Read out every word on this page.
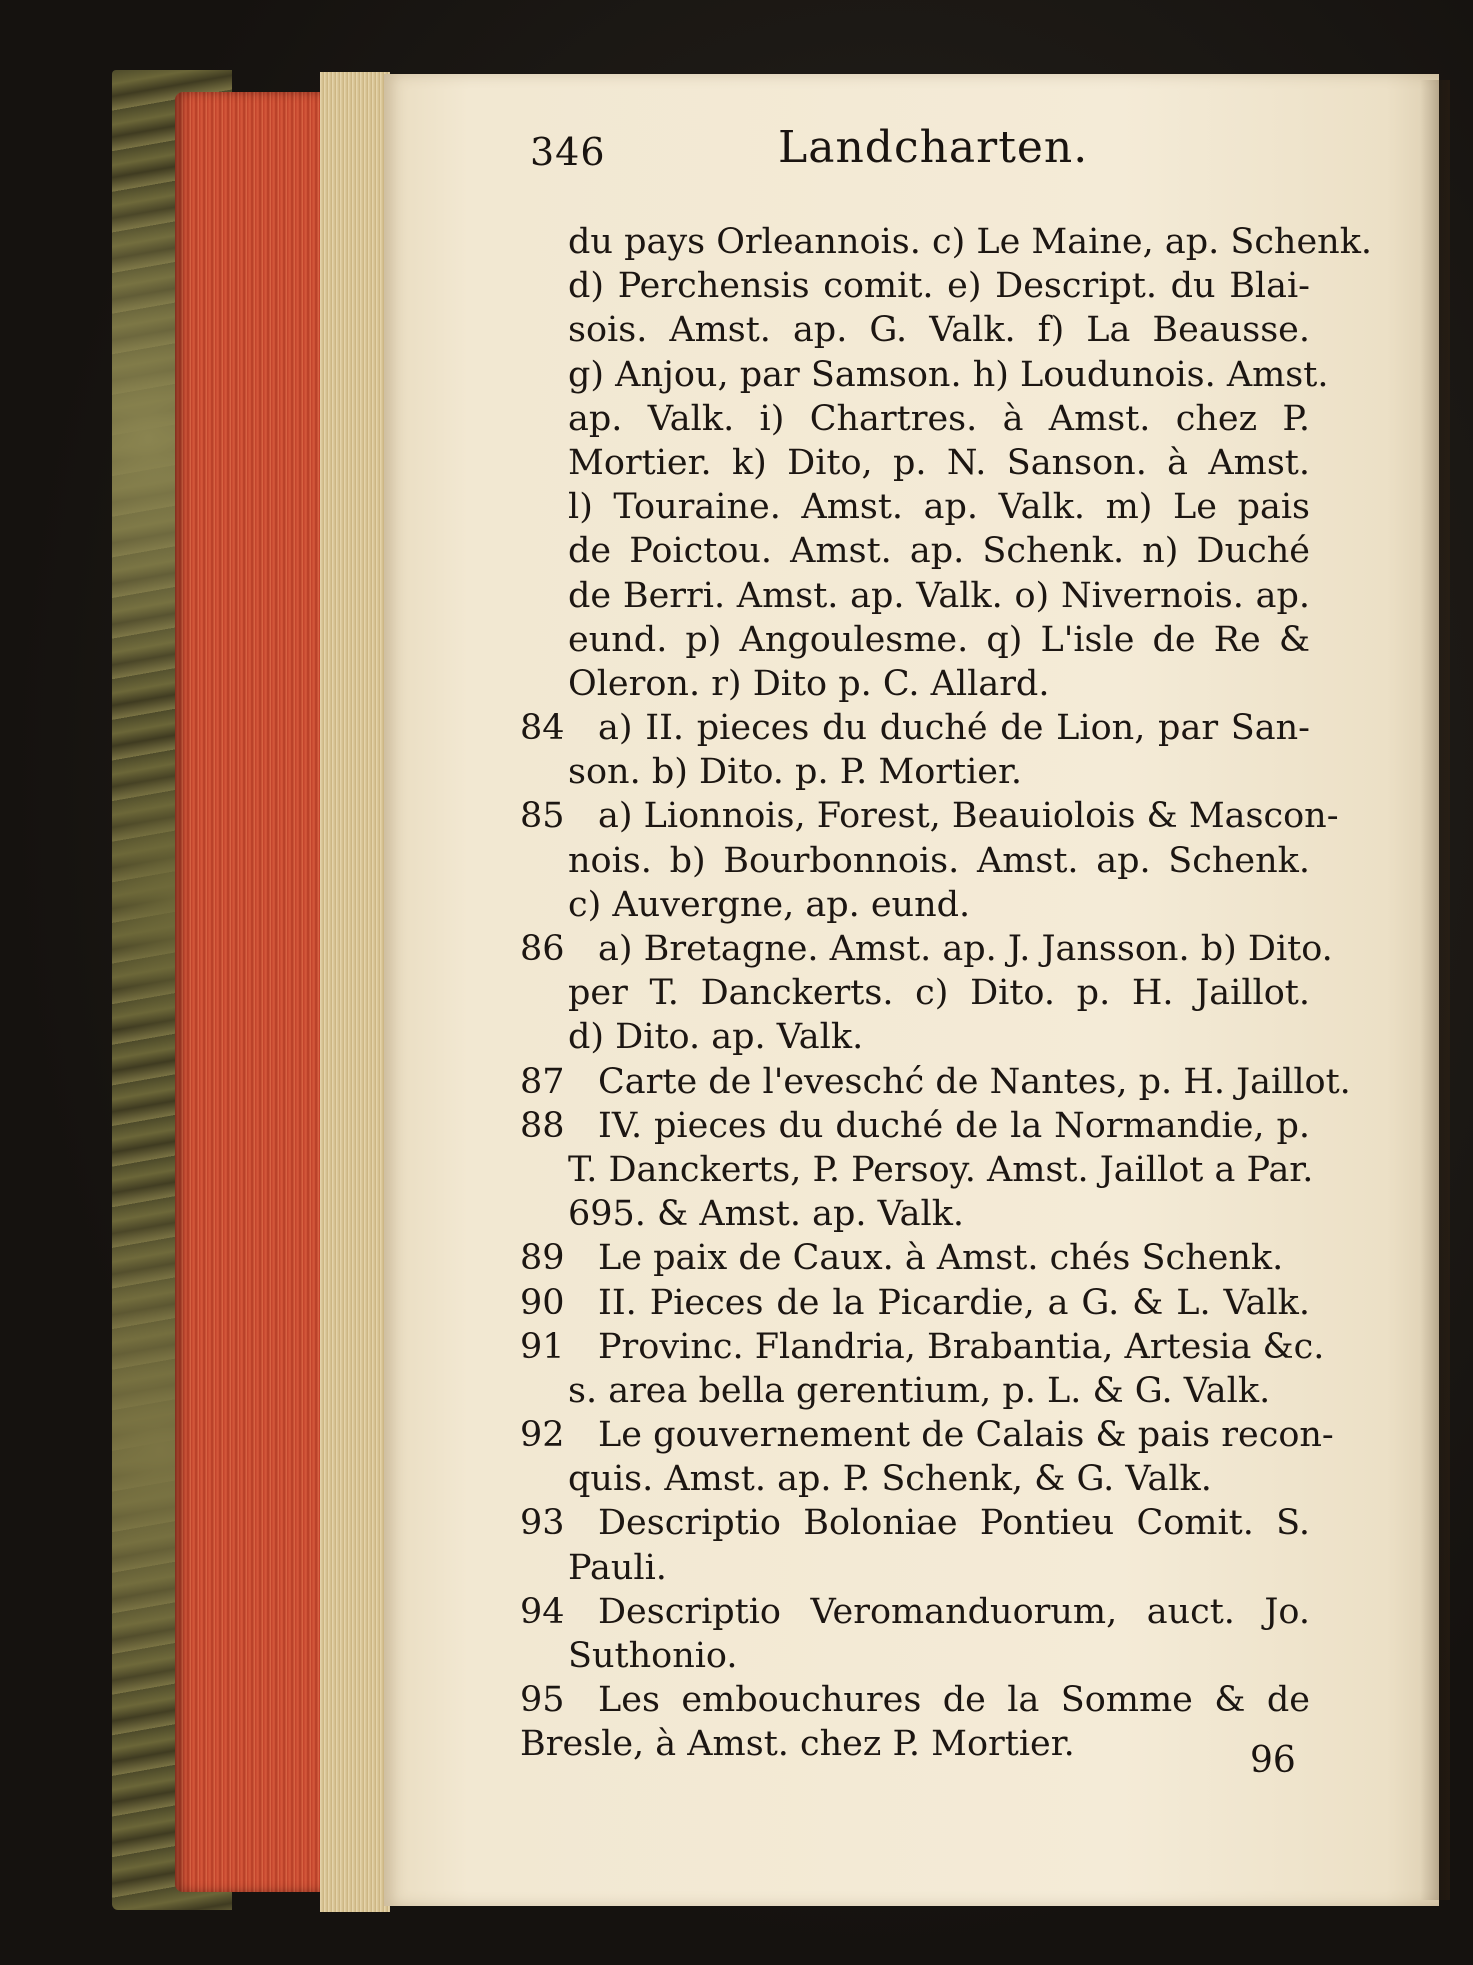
346	Landcharten.
du pays Orleannois. c) Le Maine, ap. Schenk.
d) Perchensis comit. e) Descript. du Blai-
sois. Amst. ap. G. Valk. f) La Beausse.
g) Anjou, par Samson. h) Loudunois. Amst.
ap. Valk. i) Chartres. à Amst. chez P.
Mortier. k) Dito, p. N. Sanson. à Amst.
l) Touraine. Amst. ap. Valk. m) Le pais
de Poictou. Amst. ap. Schenk. n) Duché
de Berri. Amst. ap. Valk. o) Nivernois. ap.
eund. p) Angoulesme. q) L'isle de Re &
Oleron. r) Dito p. C. Allard.
84 a) II. pieces du duché de Lion, par San-
son. b) Dito. p. P. Mortier.
85 a) Lionnois, Forest, Beauiolois & Mascon-
nois. b) Bourbonnois. Amst. ap. Schenk.
c) Auvergne, ap. eund.
86 a) Bretagne. Amst. ap. J. Jansson. b) Dito.
per T. Danckerts. c) Dito. p. H. Jaillot.
d) Dito. ap. Valk.
87 Carte de l'eveschć de Nantes, p. H. Jaillot.
88 IV. pieces du duché de la Normandie, p.
T. Danckerts, P. Persoy. Amst. Jaillot a Par.
695. & Amst. ap. Valk.
89 Le paix de Caux. à Amst. chés Schenk.
90 II. Pieces de la Picardie, a G. & L. Valk.
91 Provinc. Flandria, Brabantia, Artesia &c.
s. area bella gerentium, p. L. & G. Valk.
92 Le gouvernement de Calais & pais recon-
quis. Amst. ap. P. Schenk, & G. Valk.
93 Descriptio Boloniae Pontieu Comit. S.
Pauli.
94 Descriptio Veromanduorum, auct. Jo.
Suthonio.
95 Les embouchures de la Somme & de
Bresle, à Amst. chez P. Mortier.	96
